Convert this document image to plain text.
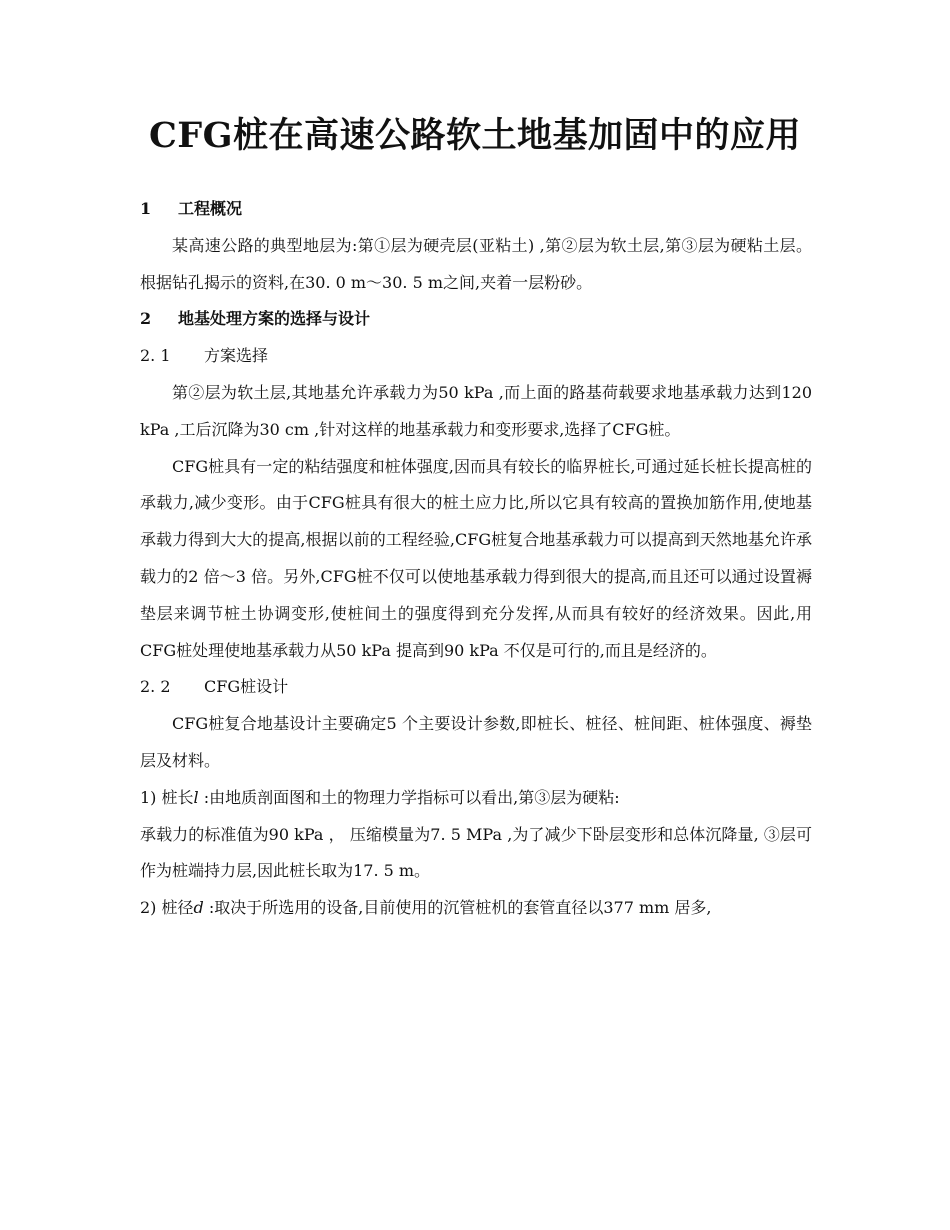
CFG桩在高速公路软土地基加固中的应用
1 工程概况
某高速公路的典型地层为:第①层为硬壳层(亚粘土) ,第②层为软土层,第③层为硬粘土层。根据钻孔揭示的资料,在30. 0 m～30. 5 m之间,夹着一层粉砂。
2 地基处理方案的选择与设计
2. 1 方案选择
第②层为软土层,其地基允许承载力为50 kPa ,而上面的路基荷载要求地基承载力达到120 kPa ,工后沉降为30 cm ,针对这样的地基承载力和变形要求,选择了CFG桩。
CFG桩具有一定的粘结强度和桩体强度,因而具有较长的临界桩长,可通过延长桩长提高桩的承载力,减少变形。由于CFG桩具有很大的桩土应力比,所以它具有较高的置换加筋作用,使地基承载力得到大大的提高,根据以前的工程经验,CFG桩复合地基承载力可以提高到天然地基允许承载力的2 倍～3 倍。另外,CFG桩不仅可以使地基承载力得到很大的提高,而且还可以通过设置褥垫层来调节桩土协调变形,使桩间土的强度得到充分发挥,从而具有较好的经济效果。因此,用CFG桩处理使地基承载力从50 kPa 提高到90 kPa 不仅是可行的,而且是经济的。
2. 2 CFG桩设计
CFG桩复合地基设计主要确定5 个主要设计参数,即桩长、桩径、桩间距、桩体强度、褥垫层及材料。
1) 桩长l :由地质剖面图和土的物理力学指标可以看出,第③层为硬粘:
承载力的标准值为90 kPa ， 压缩模量为7. 5 MPa ,为了减少下卧层变形和总体沉降量, ③层可作为桩端持力层,因此桩长取为17. 5 m。
2) 桩径d :取决于所选用的设备,目前使用的沉管桩机的套管直径以377 mm 居多,
